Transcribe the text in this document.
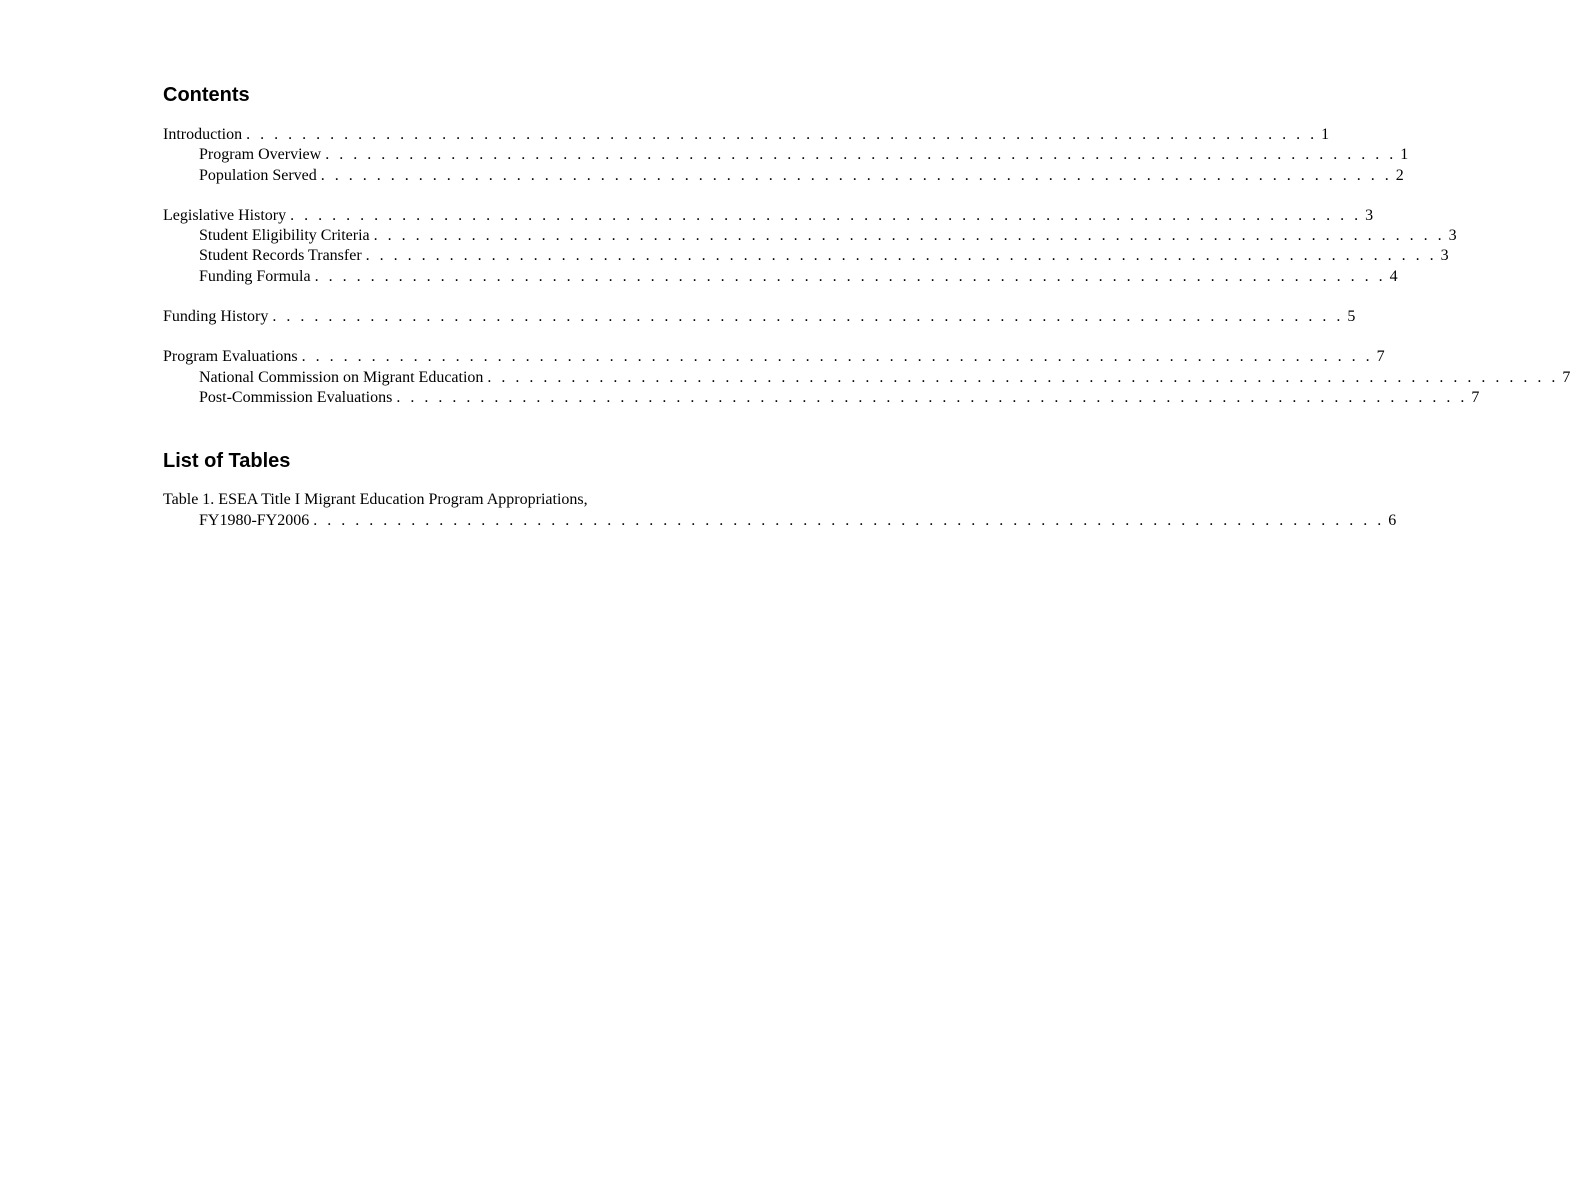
Contents
Introduction . . . . . . . . . . . . . . . . . . . . . . . . . . . . . . . . . . . . . . . . . . . . . . . . . . . . . . . . . . . . . . . . . . . . . . . . . . . . . 1
Program Overview . . . . . . . . . . . . . . . . . . . . . . . . . . . . . . . . . . . . . . . . . . . . . . . . . . . . . . . . . . . . . . . . . . . . . . . . . . . . . 1
Population Served . . . . . . . . . . . . . . . . . . . . . . . . . . . . . . . . . . . . . . . . . . . . . . . . . . . . . . . . . . . . . . . . . . . . . . . . . . . . . 2
Legislative History . . . . . . . . . . . . . . . . . . . . . . . . . . . . . . . . . . . . . . . . . . . . . . . . . . . . . . . . . . . . . . . . . . . . . . . . . . . . . 3
Student Eligibility Criteria . . . . . . . . . . . . . . . . . . . . . . . . . . . . . . . . . . . . . . . . . . . . . . . . . . . . . . . . . . . . . . . . . . . . . . . . . . . . . 3
Student Records Transfer . . . . . . . . . . . . . . . . . . . . . . . . . . . . . . . . . . . . . . . . . . . . . . . . . . . . . . . . . . . . . . . . . . . . . . . . . . . . . 3
Funding Formula . . . . . . . . . . . . . . . . . . . . . . . . . . . . . . . . . . . . . . . . . . . . . . . . . . . . . . . . . . . . . . . . . . . . . . . . . . . . . 4
Funding History . . . . . . . . . . . . . . . . . . . . . . . . . . . . . . . . . . . . . . . . . . . . . . . . . . . . . . . . . . . . . . . . . . . . . . . . . . . . . 5
Program Evaluations . . . . . . . . . . . . . . . . . . . . . . . . . . . . . . . . . . . . . . . . . . . . . . . . . . . . . . . . . . . . . . . . . . . . . . . . . . . . . 7
National Commission on Migrant Education . . . . . . . . . . . . . . . . . . . . . . . . . . . . . . . . . . . . . . . . . . . . . . . . . . . . . . . . . . . . . . . . . . . . . . . . . . . . . 7
Post-Commission Evaluations . . . . . . . . . . . . . . . . . . . . . . . . . . . . . . . . . . . . . . . . . . . . . . . . . . . . . . . . . . . . . . . . . . . . . . . . . . . . . 7
List of Tables
Table 1. ESEA Title I Migrant Education Program Appropriations,
FY1980-FY2006 . . . . . . . . . . . . . . . . . . . . . . . . . . . . . . . . . . . . . . . . . . . . . . . . . . . . . . . . . . . . . . . . . . . . . . . . . . . . . 6
